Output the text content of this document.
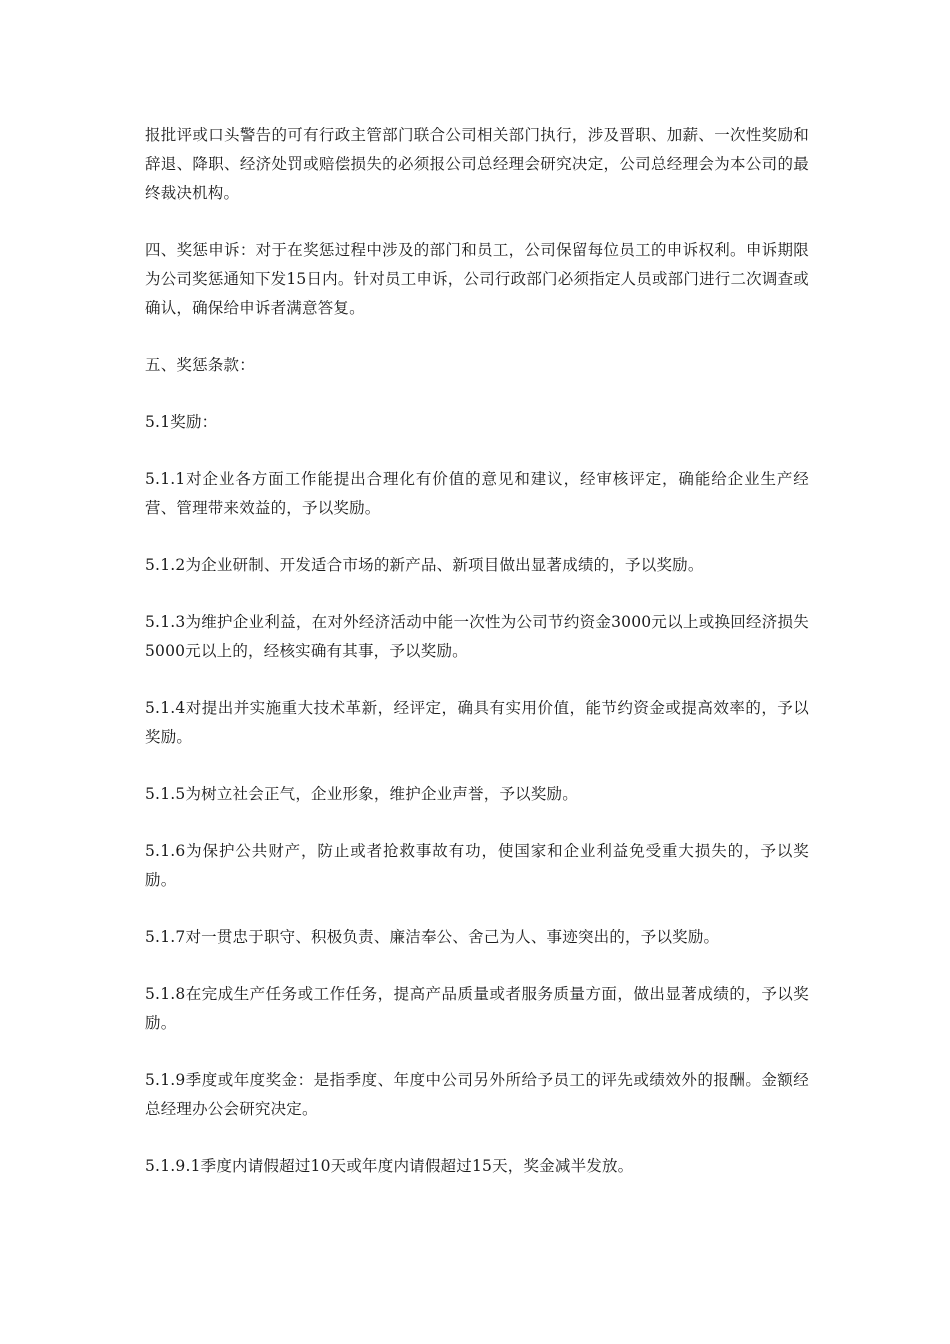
报批评或口头警告的可有行政主管部门联合公司相关部门执行，涉及晋职、加薪、一次性奖励和辞退、降职、经济处罚或赔偿损失的必须报公司总经理会研究决定，公司总经理会为本公司的最终裁决机构。

四、奖惩申诉：对于在奖惩过程中涉及的部门和员工，公司保留每位员工的申诉权利。申诉期限为公司奖惩通知下发15日内。针对员工申诉，公司行政部门必须指定人员或部门进行二次调查或确认，确保给申诉者满意答复。

五、奖惩条款：

5.1奖励：

5.1.1对企业各方面工作能提出合理化有价值的意见和建议，经审核评定，确能给企业生产经营、管理带来效益的，予以奖励。

5.1.2为企业研制、开发适合市场的新产品、新项目做出显著成绩的，予以奖励。

5.1.3为维护企业利益，在对外经济活动中能一次性为公司节约资金3000元以上或换回经济损失5000元以上的，经核实确有其事，予以奖励。

5.1.4对提出并实施重大技术革新，经评定，确具有实用价值，能节约资金或提高效率的，予以奖励。

5.1.5为树立社会正气，企业形象，维护企业声誉，予以奖励。

5.1.6为保护公共财产，防止或者抢救事故有功，使国家和企业利益免受重大损失的，予以奖励。

5.1.7对一贯忠于职守、积极负责、廉洁奉公、舍己为人、事迹突出的，予以奖励。

5.1.8在完成生产任务或工作任务，提高产品质量或者服务质量方面，做出显著成绩的，予以奖励。

5.1.9季度或年度奖金：是指季度、年度中公司另外所给予员工的评先或绩效外的报酬。金额经总经理办公会研究决定。

5.1.9.1季度内请假超过10天或年度内请假超过15天，奖金减半发放。
